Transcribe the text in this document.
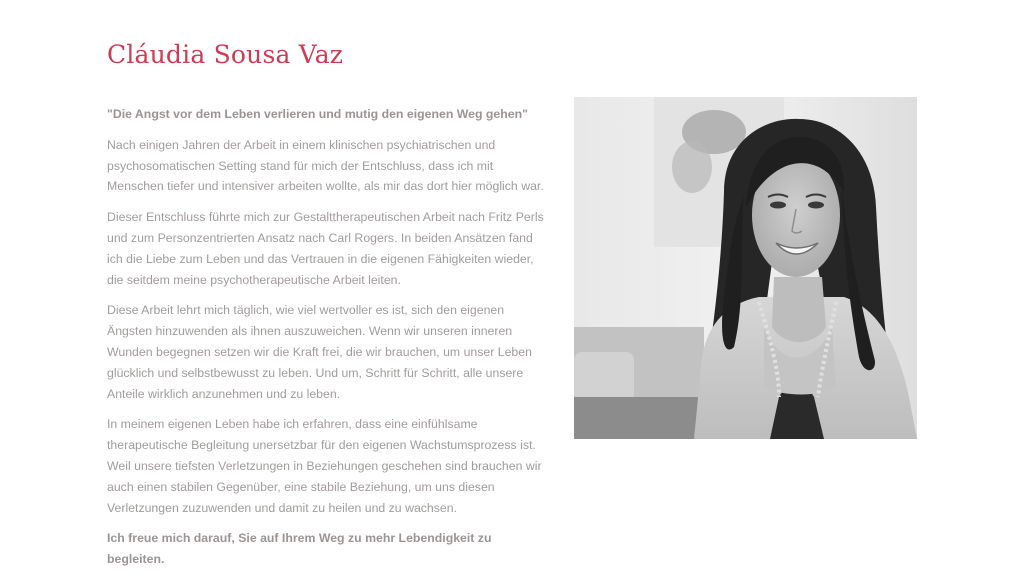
Cláudia Sousa Vaz

"Die Angst vor dem Leben verlieren und mutig den eigenen Weg gehen"

Nach einigen Jahren der Arbeit in einem klinischen psychiatrischen und psychosomatischen Setting stand für mich der Entschluss, dass ich mit Menschen tiefer und intensiver arbeiten wollte, als mir das dort hier möglich war.

Dieser Entschluss führte mich zur Gestalttherapeutischen Arbeit nach Fritz Perls und zum Personzentrierten Ansatz nach Carl Rogers. In beiden Ansätzen fand ich die Liebe zum Leben und das Vertrauen in die eigenen Fähigkeiten wieder, die seitdem meine psychotherapeutische Arbeit leiten.

Diese Arbeit lehrt mich täglich, wie viel wertvoller es ist, sich den eigenen Ängsten hinzuwenden als ihnen auszuweichen. Wenn wir unseren inneren Wunden begegnen setzen wir die Kraft frei, die wir brauchen, um unser Leben glücklich und selbstbewusst zu leben. Und um, Schritt für Schritt, alle unsere Anteile wirklich anzunehmen und zu leben.

In meinem eigenen Leben habe ich erfahren, dass eine einfühlsame therapeutische Begleitung unersetzbar für den eigenen Wachstumsprozess ist. Weil unsere tiefsten Verletzungen in Beziehungen geschehen sind brauchen wir auch einen stabilen Gegenüber, eine stabile Beziehung, um uns diesen Verletzungen zuzuwenden und damit zu heilen und zu wachsen.

Ich freue mich darauf, Sie auf Ihrem Weg zu mehr Lebendigkeit zu begleiten.
